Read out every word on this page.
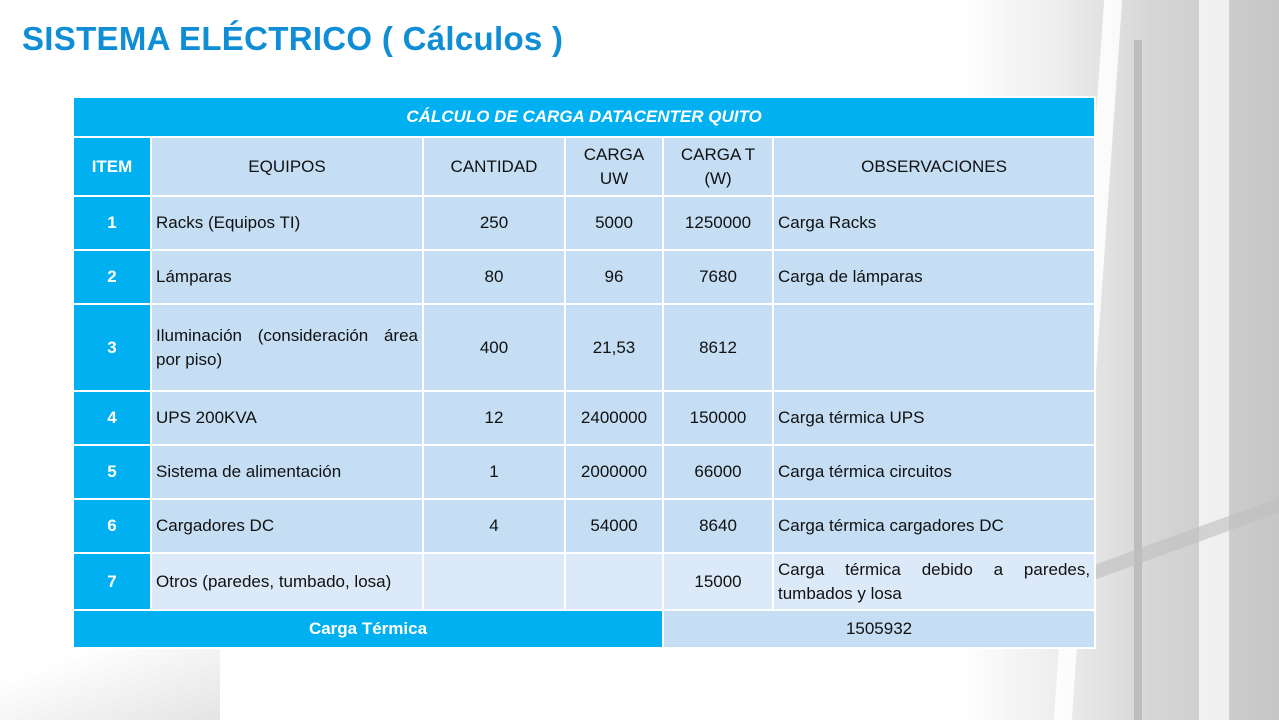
SISTEMA ELÉCTRICO ( Cálculos )
CÁLCULO DE CARGA DATACENTER QUITO					
ITEM	EQUIPOS	CANTIDAD	CARGA UW	CARGA T (W)	OBSERVACIONES
1	Racks (Equipos TI)	250	5000	1250000	Carga Racks
2	Lámparas	80	96	7680	Carga de lámparas
3	Iluminación (consideración área por piso)	400	21,53	8612	
4	UPS 200KVA	12	2400000	150000	Carga térmica UPS
5	Sistema de alimentación	1	2000000	66000	Carga térmica circuitos
6	Cargadores DC	4	54000	8640	Carga térmica cargadores DC
7	Otros (paredes, tumbado, losa)			15000	Carga térmica debido a paredes, tumbados y losa
Carga Térmica				1505932	
